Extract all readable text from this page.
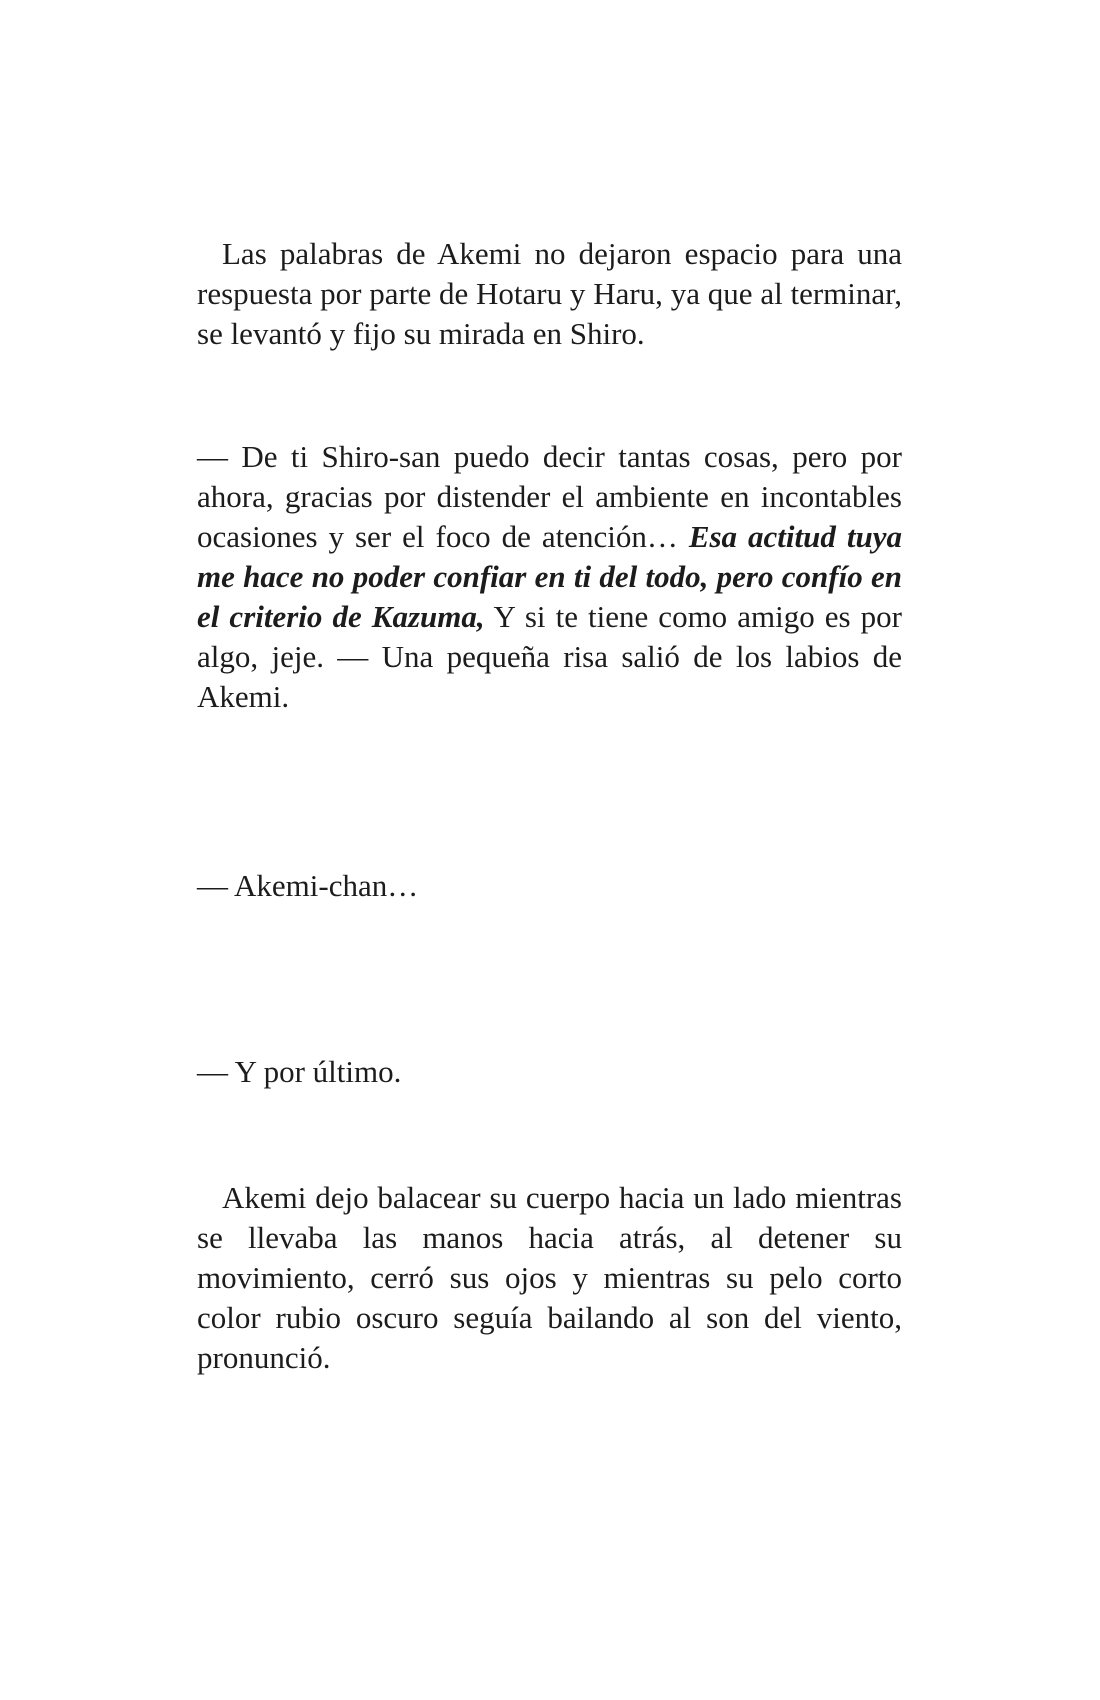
Las palabras de Akemi no dejaron espacio para una respuesta por parte de Hotaru y Haru, ya que al terminar, se levantó y fijo su mirada en Shiro.

— De ti Shiro-san puedo decir tantas cosas, pero por ahora, gracias por distender el ambiente en incontables ocasiones y ser el foco de atención… Esa actitud tuya me hace no poder confiar en ti del todo, pero confío en el criterio de Kazuma, Y si te tiene como amigo es por algo, jeje. — Una pequeña risa salió de los labios de Akemi.

— Akemi-chan…

— Y por último.

Akemi dejo balacear su cuerpo hacia un lado mientras se llevaba las manos hacia atrás, al detener su movimiento, cerró sus ojos y mientras su pelo corto color rubio oscuro seguía bailando al son del viento, pronunció.
